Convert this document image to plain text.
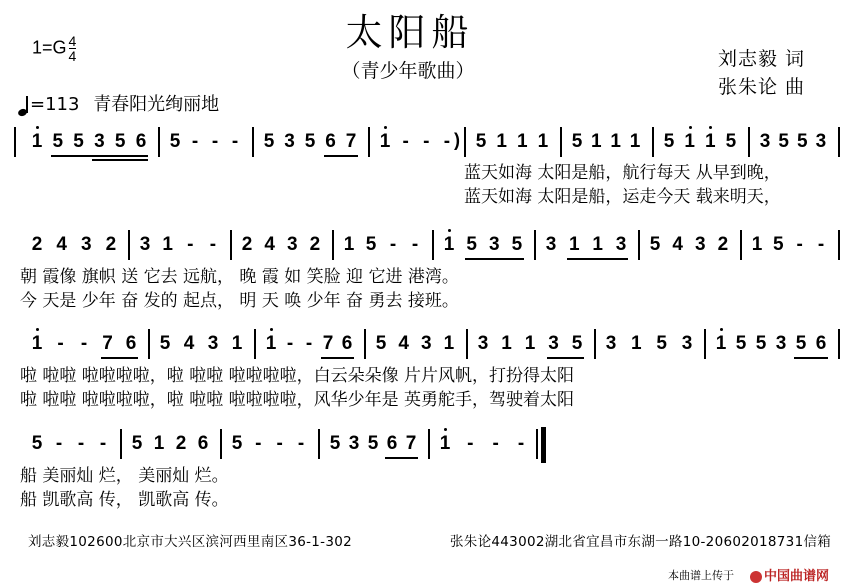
太阳船
（青少年歌曲）
$1=G \frac{4}{4}$	刘志毅 词
张朱论 曲
=113 青春阳光绚丽地
1 5 5 3 5 6 5 - - - 5 3 5 6 7 1 - - - ) 5 1 1 1 5 1 1 1 5 1 1 5 3 5 5 3
2 4 3 2 3 1 - - 2 4 3 2 1 5 - - 1 5 3 5 3 1 1 3 5 4 3 2 1 5 - -
1 - - 7 6 5 4 3 1 1 - - 7 6 5 4 3 1 3 1 1 3 5 3 1 5 3 1 5 5 3 5 6
5 - - - 5 1 2 6 5 - - - 5 3 5 6 7 1 - - -
蓝天如海 太阳是船，航行每天 从早到晚，
蓝天如海 太阳是船，运走今天 载来明天，
朝 霞像 旗帜 送 它去 远航， 晚 霞 如 笑脸 迎 它进 港湾。
今 天是 少年 奋 发的 起点， 明 天 唤 少年 奋 勇去 接班。
啦 啦啦 啦啦啦啦，啦 啦啦 啦啦啦啦，白云朵朵像 片片风帆，打扮得太阳
啦 啦啦 啦啦啦啦，啦 啦啦 啦啦啦啦，风华少年是 英勇舵手，驾驶着太阳
船 美丽灿 烂， 美丽灿 烂。
船 凯歌高 传， 凯歌高 传。
刘志毅102600北京市大兴区滨河西里南区36-1-302	张朱论443002湖北省宜昌市东湖一路10-20602018731信箱
本曲谱上传于	中国曲谱网
